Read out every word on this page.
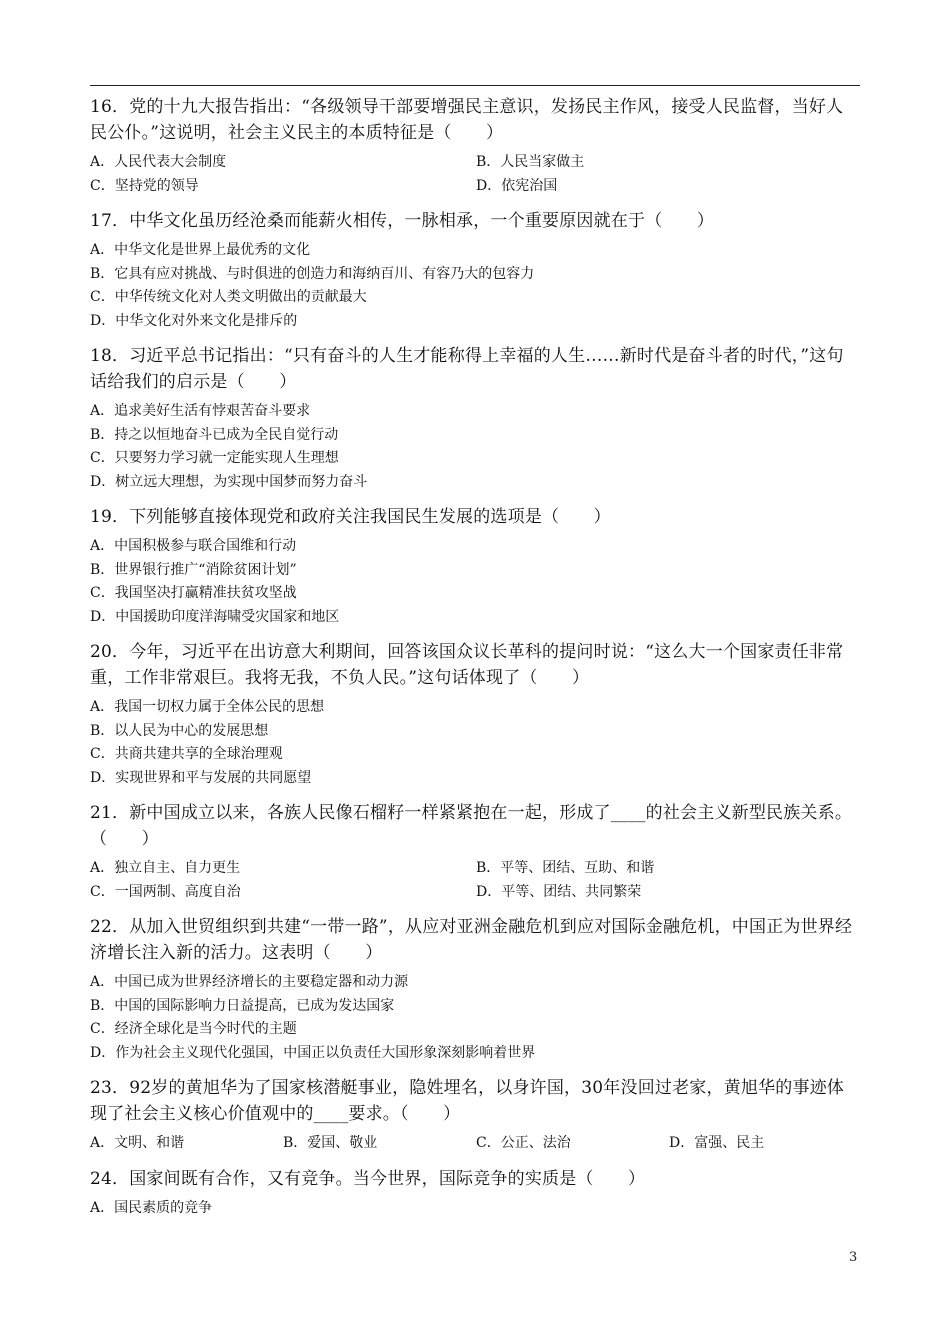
16．党的十九大报告指出：“各级领导干部要增强民主意识，发扬民主作风，接受人民监督，当好人民公仆。”这说明，社会主义民主的本质特征是（　　）

A．人民代表大会制度	B．人民当家做主
C．坚持党的领导	D．依宪治国

17．中华文化虽历经沧桑而能薪火相传，一脉相承，一个重要原因就在于（　　）

A．中华文化是世界上最优秀的文化
B．它具有应对挑战、与时俱进的创造力和海纳百川、有容乃大的包容力
C．中华传统文化对人类文明做出的贡献最大
D．中华文化对外来文化是排斥的

18．习近平总书记指出：“只有奋斗的人生才能称得上幸福的人生……新时代是奋斗者的时代，”这句话给我们的启示是（　　）

A．追求美好生活有悖艰苦奋斗要求
B．持之以恒地奋斗已成为全民自觉行动
C．只要努力学习就一定能实现人生理想
D．树立远大理想，为实现中国梦而努力奋斗

19．下列能够直接体现党和政府关注我国民生发展的选项是（　　）

A．中国积极参与联合国维和行动
B．世界银行推广“消除贫困计划”
C．我国坚决打赢精准扶贫攻坚战
D．中国援助印度洋海啸受灾国家和地区

20．今年，习近平在出访意大利期间，回答该国众议长革科的提问时说：“这么大一个国家责任非常重，工作非常艰巨。我将无我，不负人民。”这句话体现了（　　）

A．我国一切权力属于全体公民的思想
B．以人民为中心的发展思想
C．共商共建共享的全球治理观
D．实现世界和平与发展的共同愿望

21．新中国成立以来，各族人民像石榴籽一样紧紧抱在一起，形成了____的社会主义新型民族关系。（　　）

A．独立自主、自力更生	B．平等、团结、互助、和谐
C．一国两制、高度自治	D．平等、团结、共同繁荣

22．从加入世贸组织到共建“一带一路”，从应对亚洲金融危机到应对国际金融危机，中国正为世界经济增长注入新的活力。这表明（　　）

A．中国已成为世界经济增长的主要稳定器和动力源
B．中国的国际影响力日益提高，已成为发达国家
C．经济全球化是当今时代的主题
D．作为社会主义现代化强国，中国正以负责任大国形象深刻影响着世界

23．92岁的黄旭华为了国家核潜艇事业，隐姓埋名，以身许国，30年没回过老家，黄旭华的事迹体现了社会主义核心价值观中的____要求。（　　）

A．文明、和谐	B．爱国、敬业	C．公正、法治	D．富强、民主

24．国家间既有合作，又有竞争。当今世界，国际竞争的实质是（　　）

A．国民素质的竞争
3
